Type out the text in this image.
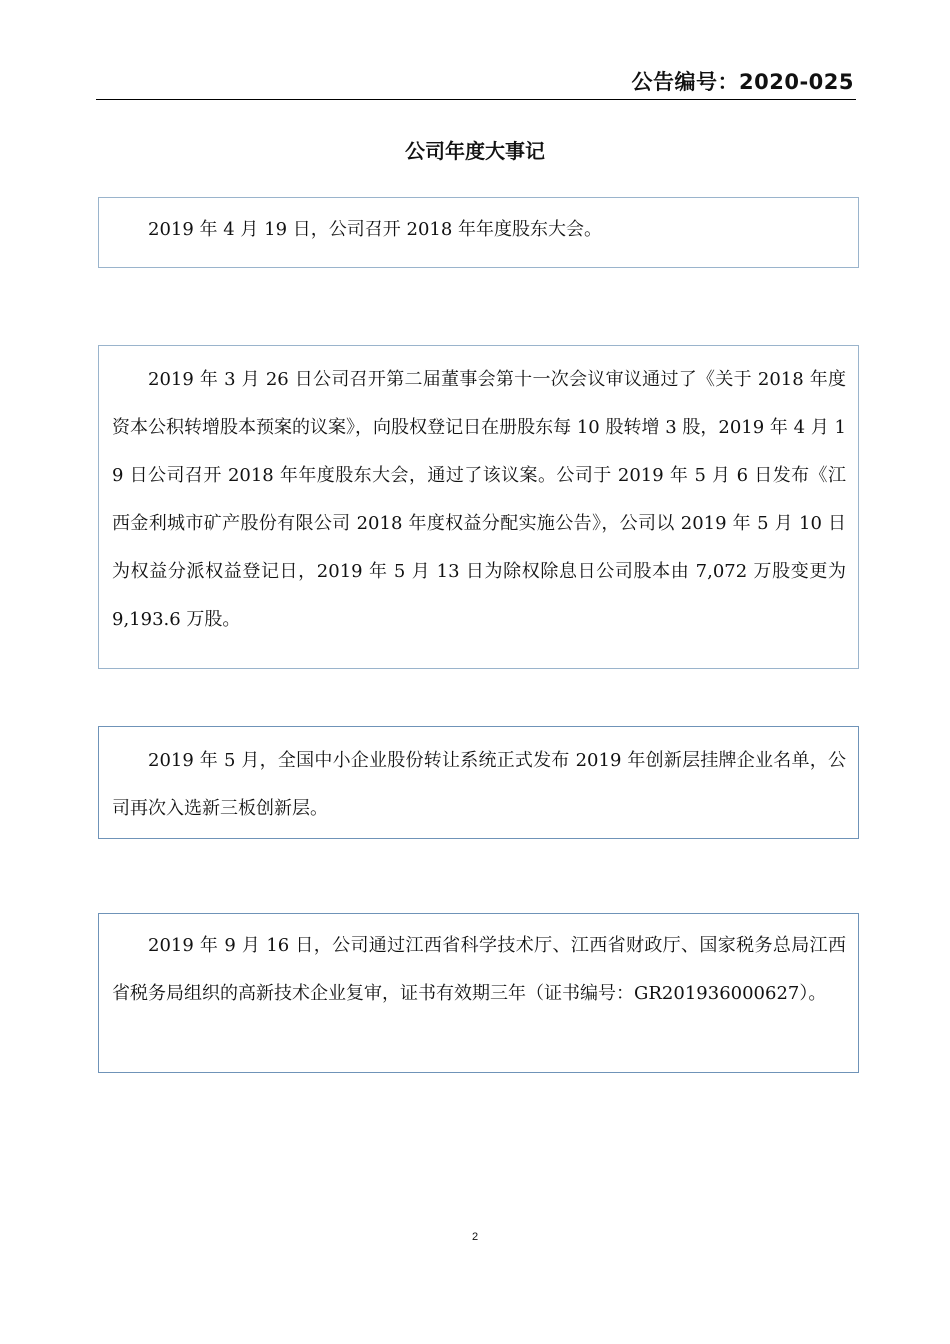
公告编号：2020-025
公司年度大事记
2019 年 4 月 19 日，公司召开 2018 年年度股东大会。
2019 年 3 月 26 日公司召开第二届董事会第十一次会议审议通过了《关于 2018 年度资本公积转增股本预案的议案》，向股权登记日在册股东每 10 股转增 3 股，2019 年 4 月 19 日公司召开 2018 年年度股东大会，通过了该议案。公司于 2019 年 5 月 6 日发布《江西金利城市矿产股份有限公司 2018 年度权益分配实施公告》，公司以 2019 年 5 月 10 日为权益分派权益登记日，2019 年 5 月 13 日为除权除息日公司股本由 7,072 万股变更为 9,193.6 万股。
2019 年 5 月，全国中小企业股份转让系统正式发布 2019 年创新层挂牌企业名单，公司再次入选新三板创新层。
2019 年 9 月 16 日，公司通过江西省科学技术厅、江西省财政厅、国家税务总局江西省税务局组织的高新技术企业复审，证书有效期三年（证书编号：GR201936000627）。
2
